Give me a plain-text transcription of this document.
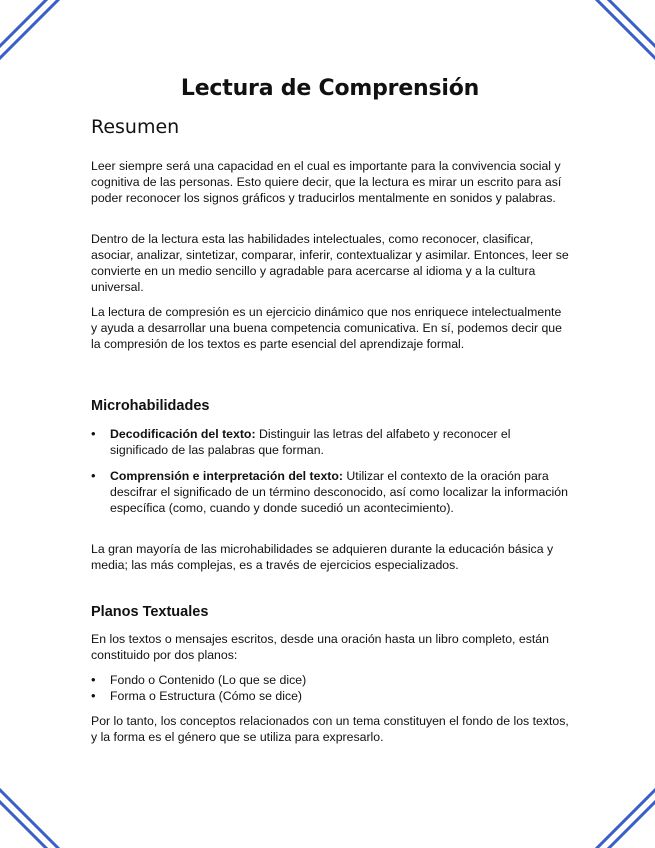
Lectura de Comprensión
Resumen

Leer siempre será una capacidad en el cual es importante para la convivencia social y cognitiva de las personas. Esto quiere decir, que la lectura es mirar un escrito para así poder reconocer los signos gráficos y traducirlos mentalmente en sonidos y palabras.

Dentro de la lectura esta las habilidades intelectuales, como reconocer, clasificar, asociar, analizar, sintetizar, comparar, inferir, contextualizar y asimilar. Entonces, leer se convierte en un medio sencillo y agradable para acercarse al idioma y a la cultura universal.

La lectura de compresión es un ejercicio dinámico que nos enriquece intelectualmente y ayuda a desarrollar una buena competencia comunicativa. En sí, podemos decir que la compresión de los textos es parte esencial del aprendizaje formal.

Microhabilidades
• Decodificación del texto: Distinguir las letras del alfabeto y reconocer el significado de las palabras que forman.
• Comprensión e interpretación del texto: Utilizar el contexto de la oración para descifrar el significado de un término desconocido, así como localizar la información específica (como, cuando y donde sucedió un acontecimiento).

La gran mayoría de las microhabilidades se adquieren durante la educación básica y media; las más complejas, es a través de ejercicios especializados.

Planos Textuales

En los textos o mensajes escritos, desde una oración hasta un libro completo, están constituido por dos planos:

• Fondo o Contenido (Lo que se dice)
• Forma o Estructura (Cómo se dice)

Por lo tanto, los conceptos relacionados con un tema constituyen el fondo de los textos, y la forma es el género que se utiliza para expresarlo.
